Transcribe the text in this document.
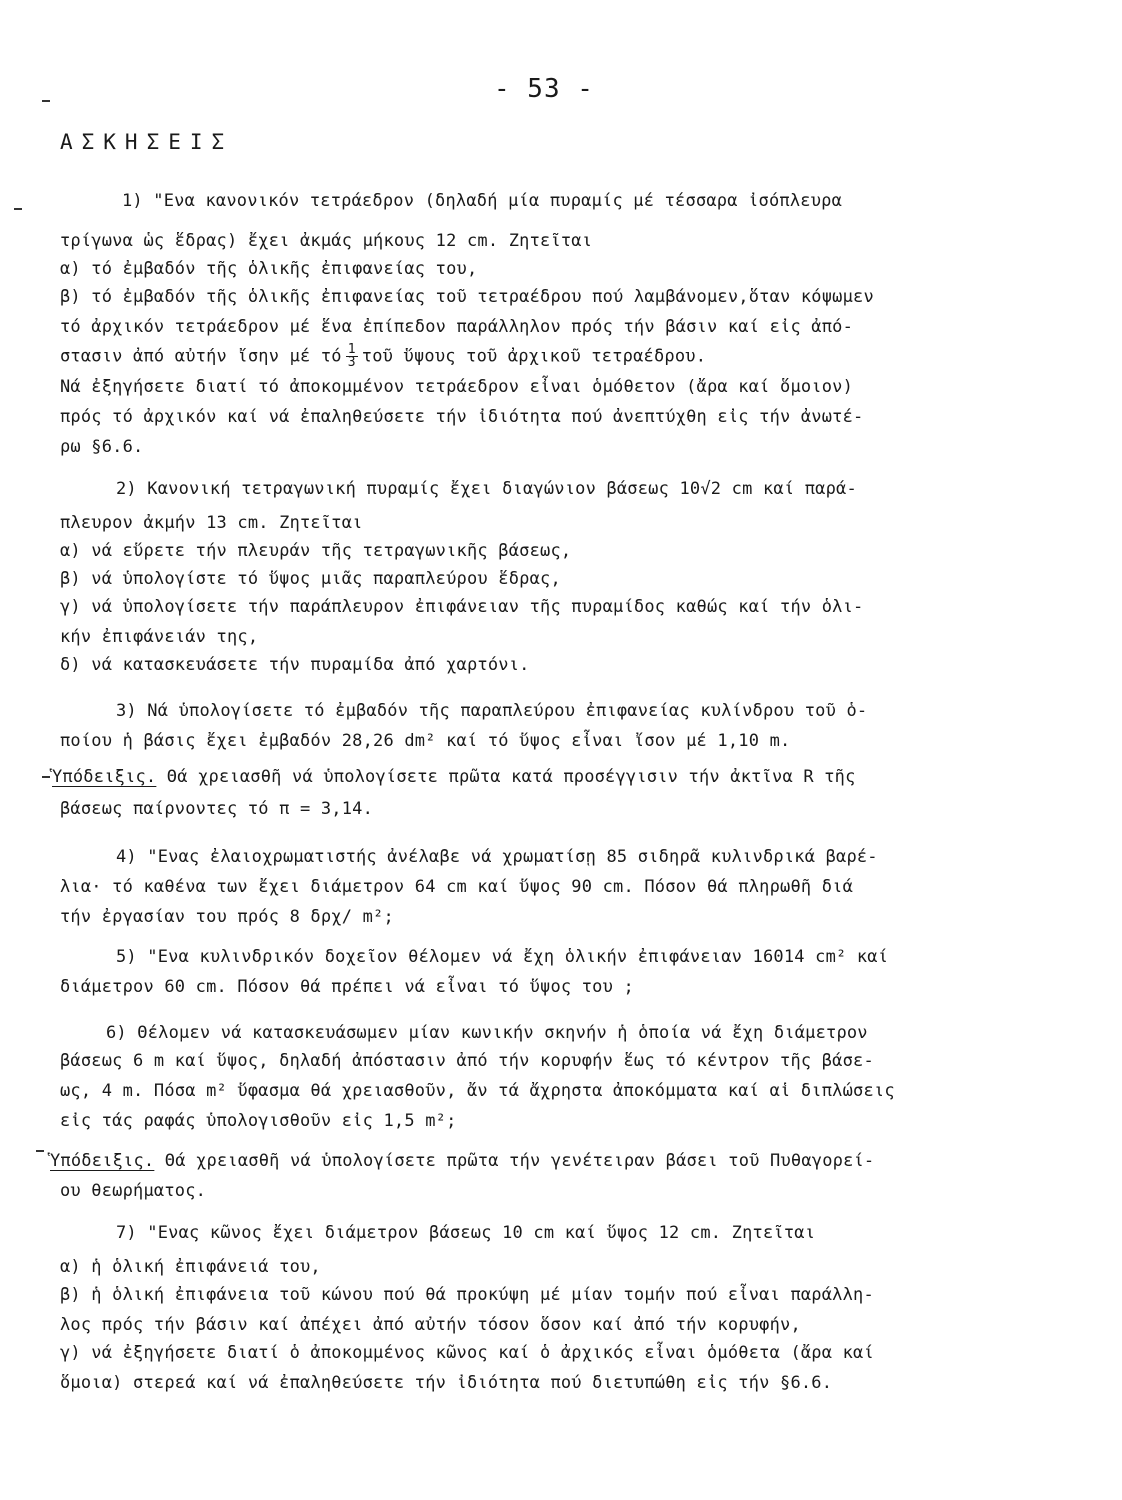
- 53 -
ΑΣΚΗΣΕΙΣ
1) "Ενα κανονικόν τετράεδρον (δηλαδή μία πυραμίς μέ τέσσαρα ἰσόπλευρα
τρίγωνα ὡς ἕδρας) ἔχει ἀκμάς μήκους 12 cm. Ζητεῖται
α) τό ἐμβαδόν τῆς ὁλικῆς ἐπιφανείας του,
β) τό ἐμβαδόν τῆς ὁλικῆς ἐπιφανείας τοῦ τετραέδρου πού λαμβάνομεν,ὅταν κόψωμεν
τό ἀρχικόν τετράεδρον μέ ἕνα ἐπίπεδον παράλληλον πρός τήν βάσιν καί εἰς ἀπό-
στασιν ἀπό αὐτήν ἴσην μέ τό $\frac{1}{3}$ τοῦ ὕψους τοῦ ἀρχικοῦ τετραέδρου.
Νά ἐξηγήσετε διατί τό ἀποκομμένον τετράεδρον εἶναι ὁμόθετον (ἄρα καί ὅμοιον)
πρός τό ἀρχικόν καί νά ἐπαληθεύσετε τήν ἰδιότητα πού ἀνεπτύχθη εἰς τήν ἀνωτέ-
ρω §6.6.
2) Κανονική τετραγωνική πυραμίς ἔχει διαγώνιον βάσεως 10√2 cm καί παρά-
πλευρον ἀκμήν 13 cm. Ζητεῖται
α) νά εὕρετε τήν πλευράν τῆς τετραγωνικῆς βάσεως,
β) νά ὑπολογίστε τό ὕψος μιᾶς παραπλεύρου ἕδρας,
γ) νά ὑπολογίσετε τήν παράπλευρον ἐπιφάνειαν τῆς πυραμίδος καθώς καί τήν ὁλι-
κήν ἐπιφάνειάν της,
δ) νά κατασκευάσετε τήν πυραμίδα ἀπό χαρτόνι.
3) Νά ὑπολογίσετε τό ἐμβαδόν τῆς παραπλεύρου ἐπιφανείας κυλίνδρου τοῦ ὁ-
ποίου ἡ βάσις ἔχει ἐμβαδόν 28,26 dm² καί τό ὕψος εἶναι ἴσον μέ 1,10 m.
Ὑπόδειξις. Θά χρειασθῆ νά ὑπολογίσετε πρῶτα κατά προσέγγισιν τήν ἀκτῖνα R τῆς
βάσεως παίρνοντες τό π = 3,14.
4) "Ενας ἐλαιοχρωματιστής ἀνέλαβε νά χρωματίσῃ 85 σιδηρᾶ κυλινδρικά βαρέ-
λια· τό καθένα των ἔχει διάμετρον 64 cm καί ὕψος 90 cm. Πόσον θά πληρωθῆ διά
τήν ἐργασίαν του πρός 8 δρχ/ m²;
5) "Ενα κυλινδρικόν δοχεῖον θέλομεν νά ἔχη ὁλικήν ἐπιφάνειαν 16014 cm² καί
διάμετρον 60 cm. Πόσον θά πρέπει νά εἶναι τό ὕψος του ;
6) Θέλομεν νά κατασκευάσωμεν μίαν κωνικήν σκηνήν ἡ ὁποία νά ἔχη διάμετρον
βάσεως 6 m καί ὕψος, δηλαδή ἀπόστασιν ἀπό τήν κορυφήν ἕως τό κέντρον τῆς βάσε-
ως, 4 m. Πόσα m² ὕφασμα θά χρειασθοῦν, ἄν τά ἄχρηστα ἀποκόμματα καί αἱ διπλώσεις
εἰς τάς ραφάς ὑπολογισθοῦν εἰς 1,5 m²;
Ὑπόδειξις. Θά χρειασθῆ νά ὑπολογίσετε πρῶτα τήν γενέτειραν βάσει τοῦ Πυθαγορεί-
ου θεωρήματος.
7) "Ενας κῶνος ἔχει διάμετρον βάσεως 10 cm καί ὕψος 12 cm. Ζητεῖται
α) ἡ ὁλική ἐπιφάνειά του,
β) ἡ ὁλική ἐπιφάνεια τοῦ κώνου πού θά προκύψη μέ μίαν τομήν πού εἶναι παράλλη-
λος πρός τήν βάσιν καί ἀπέχει ἀπό αὐτήν τόσον ὅσον καί ἀπό τήν κορυφήν,
γ) νά ἐξηγήσετε διατί ὁ ἀποκομμένος κῶνος καί ὁ ἀρχικός εἶναι ὁμόθετα (ἄρα καί
ὅμοια) στερεά καί νά ἐπαληθεύσετε τήν ἰδιότητα πού διετυπώθη εἰς τήν §6.6.
